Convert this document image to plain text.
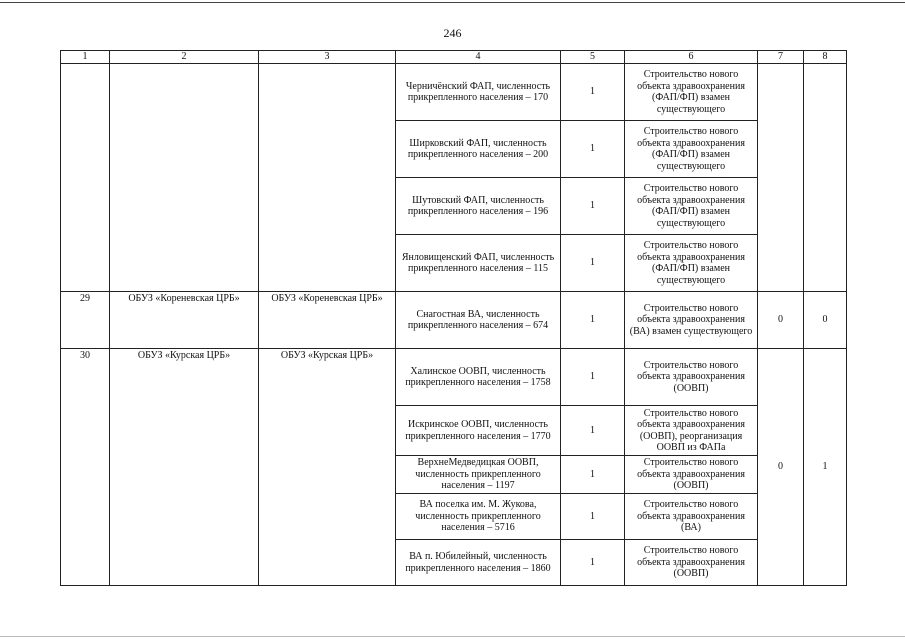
246
1	2	3	4	5	6	7	8
			Черничёнский ФАП, численность прикрепленного населения – 170	1	Строительство нового объекта здравоохранения (ФАП/ФП) взамен существующего		
			Ширковский ФАП, численность прикрепленного населения – 200	1	Строительство нового объекта здравоохранения (ФАП/ФП) взамен существующего		
			Шутовский ФАП, численность прикрепленного населения – 196	1	Строительство нового объекта здравоохранения (ФАП/ФП) взамен существующего		
			Янловищенский ФАП, численность прикрепленного населения – 115	1	Строительство нового объекта здравоохранения (ФАП/ФП) взамен существующего		
29	ОБУЗ «Кореневская ЦРБ»	ОБУЗ «Кореневская ЦРБ»	Снагостная ВА, численность прикрепленного населения – 674	1	Строительство нового объекта здравоохранения (ВА) взамен существующего	0	0
30	ОБУЗ «Курская ЦРБ»	ОБУЗ «Курская ЦРБ»	Халинское ООВП, численность прикрепленного населения – 1758	1	Строительство нового объекта здравоохранения (ООВП)	0	1
			Искринское ООВП, численность прикрепленного населения – 1770	1	Строительство нового объекта здравоохранения (ООВП), реорганизация ООВП из ФАПа		
			ВерхнеМедведицкая ООВП, численность прикрепленного населения – 1197	1	Строительство нового объекта здравоохранения (ООВП)		
			ВА поселка им. М. Жукова, численность прикрепленного населения – 5716	1	Строительство нового объекта здравоохранения (ВА)		
			ВА п. Юбилейный, численность прикрепленного населения – 1860	1	Строительство нового объекта здравоохранения (ООВП)		
